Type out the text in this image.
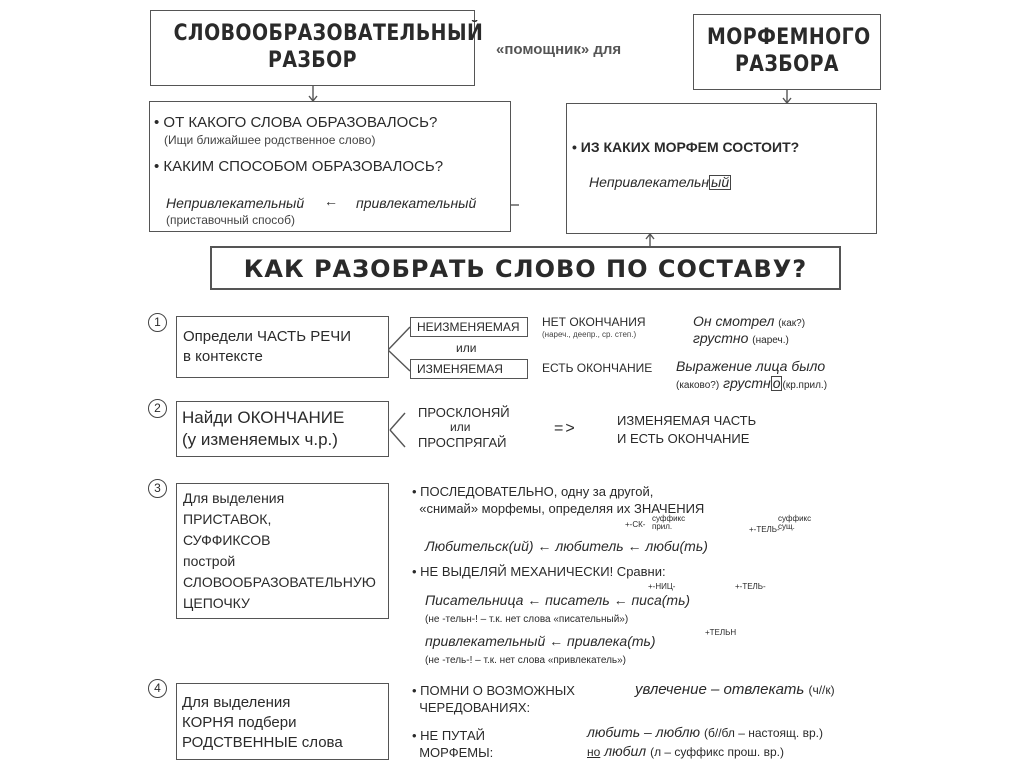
СЛОВООБРАЗОВАТЕЛЬНЫЙ
РАЗБОР	«помощник» для	МОРФЕМНОГО
РАЗБОРА
• ОТ КАКОГО СЛОВА ОБРАЗОВАЛОСЬ?
(Ищи ближайшее родственное слово)
• КАКИМ СПОСОБОМ ОБРАЗОВАЛОСЬ?
Непривлекательный	привлекательный
(приставочный способ)
• ИЗ КАКИХ МОРФЕМ СОСТОИТ?
Непривлекательн ый
КАК РАЗОБРАТЬ СЛОВО ПО СОСТАВУ?
1
Определи ЧАСТЬ РЕЧИ
в контексте
НЕИЗМЕНЯЕМАЯ
или
ИЗМЕНЯЕМАЯ
НЕТ ОКОНЧАНИЯ
(нареч., деепр., ср. степ.)
Он смотрел (как?)
грустно (нареч.)
ЕСТЬ ОКОНЧАНИЕ Выражение лица было
(каково?) грустн о (кр.прил.)
2	Найди ОКОНЧАНИЕ
(у изменяемых ч.р.)
ПРОСКЛОНЯЙ
или
ПРОСПРЯГАЙ
=>	ИЗМЕНЯЕМАЯ ЧАСТЬ
И ЕСТЬ ОКОНЧАНИЕ
3
Для выделения
ПРИСТАВОК,
СУФФИКСОВ
построй
СЛОВООБРАЗОВАТЕЛЬНУЮ
ЦЕПОЧКУ
• ПОСЛЕДОВАТЕЛЬНО, одну за другой,
«снимай» морфемы, определяя их ЗНАЧЕНИЯ
+-СК-
суффикс
прил.	+-ТЕЛЬ-
суффикс
сущ.
Любительск(ий) ← любитель ← люби(ть)
• НЕ ВЫДЕЛЯЙ МЕХАНИЧЕСКИ! Сравни:
+-НИЦ-	+-ТЕЛЬ-
Писательница ← писатель ← писа(ть)
(не -тельн-! – т.к. нет слова «писательный»)
+ТЕЛЬН
привлекательный ← привлека(ть)
(не -тель-! – т.к. нет слова «привлекатель»)
4
Для выделения
КОРНЯ подбери
РОДСТВЕННЫЕ слова
• ПОМНИ О ВОЗМОЖНЫХ
ЧЕРЕДОВАНИЯХ:
увлечение – отвлекать (ч//к)
• НЕ ПУТАЙ
МОРФЕМЫ:
любить – люблю (б//бл – настоящ. вр.)
но любил (л – суффикс прош. вр.)
←
